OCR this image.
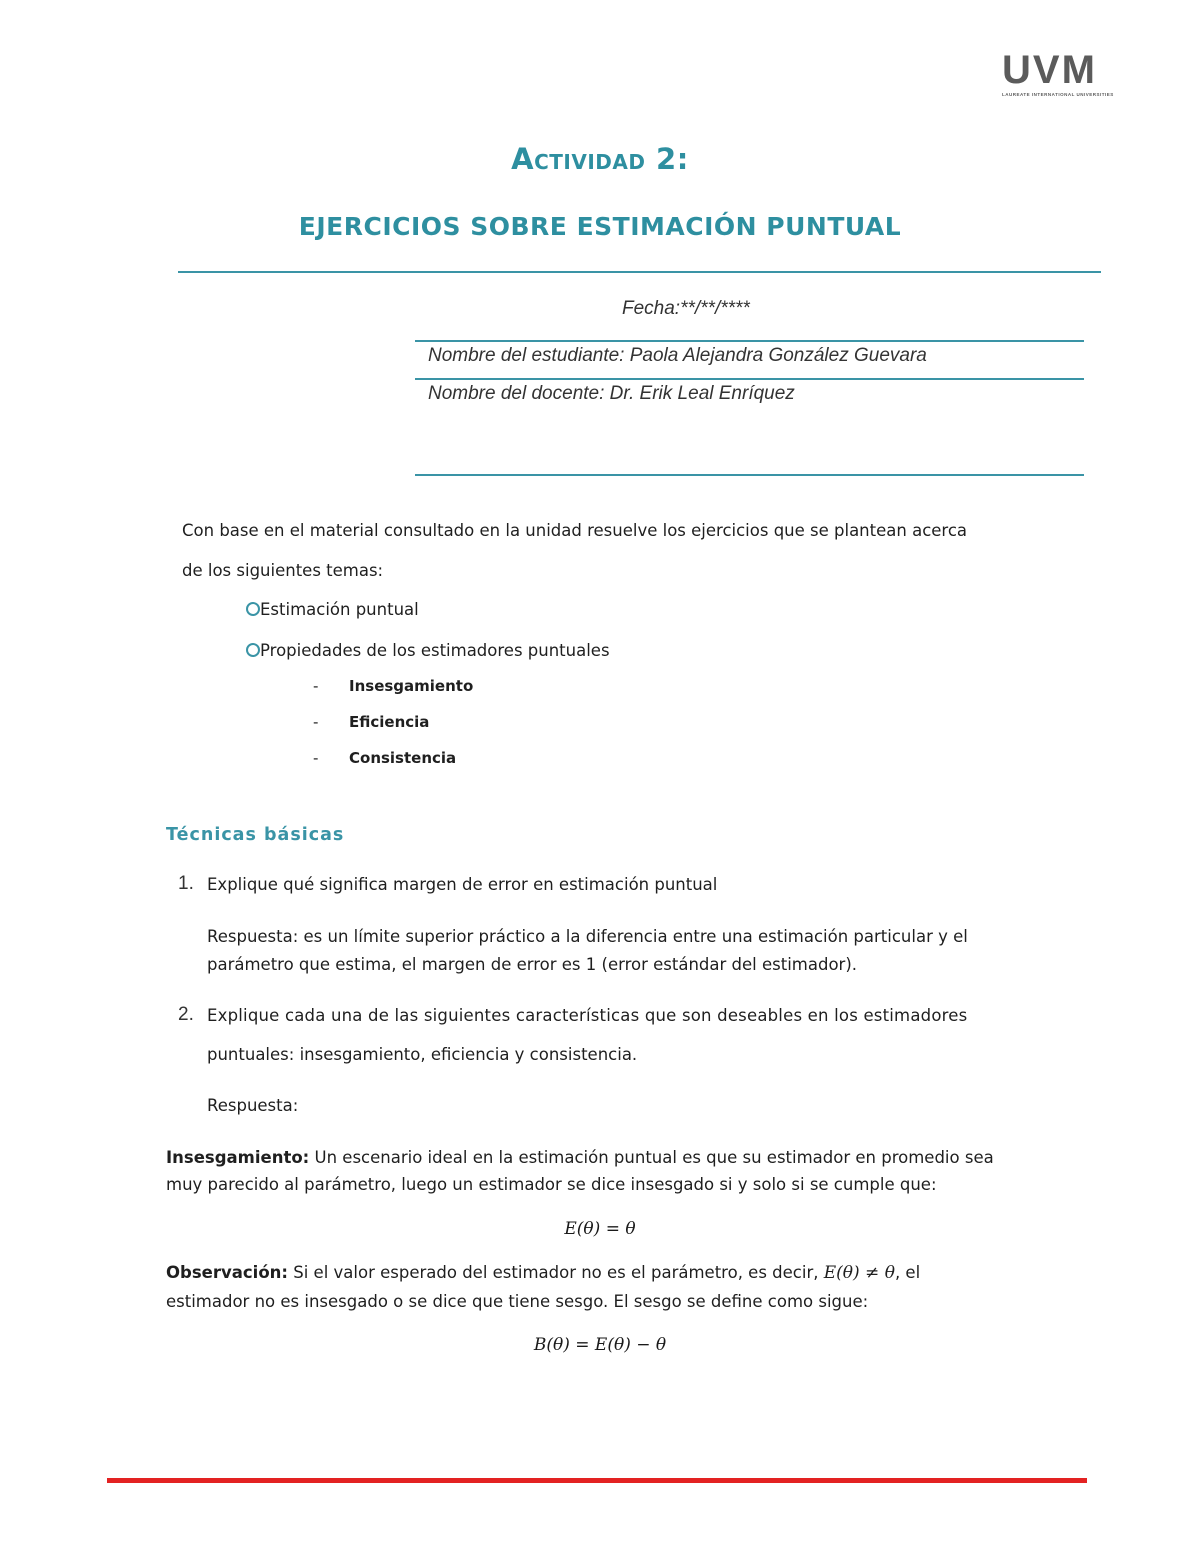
UVM
LAUREATE INTERNATIONAL UNIVERSITIES
Actividad 2:
EJERCICIOS SOBRE ESTIMACIÓN PUNTUAL
Fecha:**/**/****
Nombre del estudiante: Paola Alejandra González Guevara
Nombre del docente: Dr. Erik Leal Enríquez
Con base en el material consultado en la unidad resuelve los ejercicios que se plantean acerca
de los siguientes temas:
Estimación puntual
Propiedades de los estimadores puntuales
- Insesgamiento
- Eficiencia
- Consistencia
Técnicas básicas
1. Explique qué significa margen de error en estimación puntual
Respuesta: es un límite superior práctico a la diferencia entre una estimación particular y el
parámetro que estima, el margen de error es 1 (error estándar del estimador).
2. Explique cada una de las siguientes características que son deseables en los estimadores
puntuales: insesgamiento, eficiencia y consistencia.
Respuesta:
Insesgamiento: Un escenario ideal en la estimación puntual es que su estimador en promedio sea
muy parecido al parámetro, luego un estimador se dice insesgado si y solo si se cumple que:
E(θ) = θ
Observación: Si el valor esperado del estimador no es el parámetro, es decir, E(θ) ≠ θ, el
estimador no es insesgado o se dice que tiene sesgo. El sesgo se define como sigue:
B(θ) = E(θ) − θ
